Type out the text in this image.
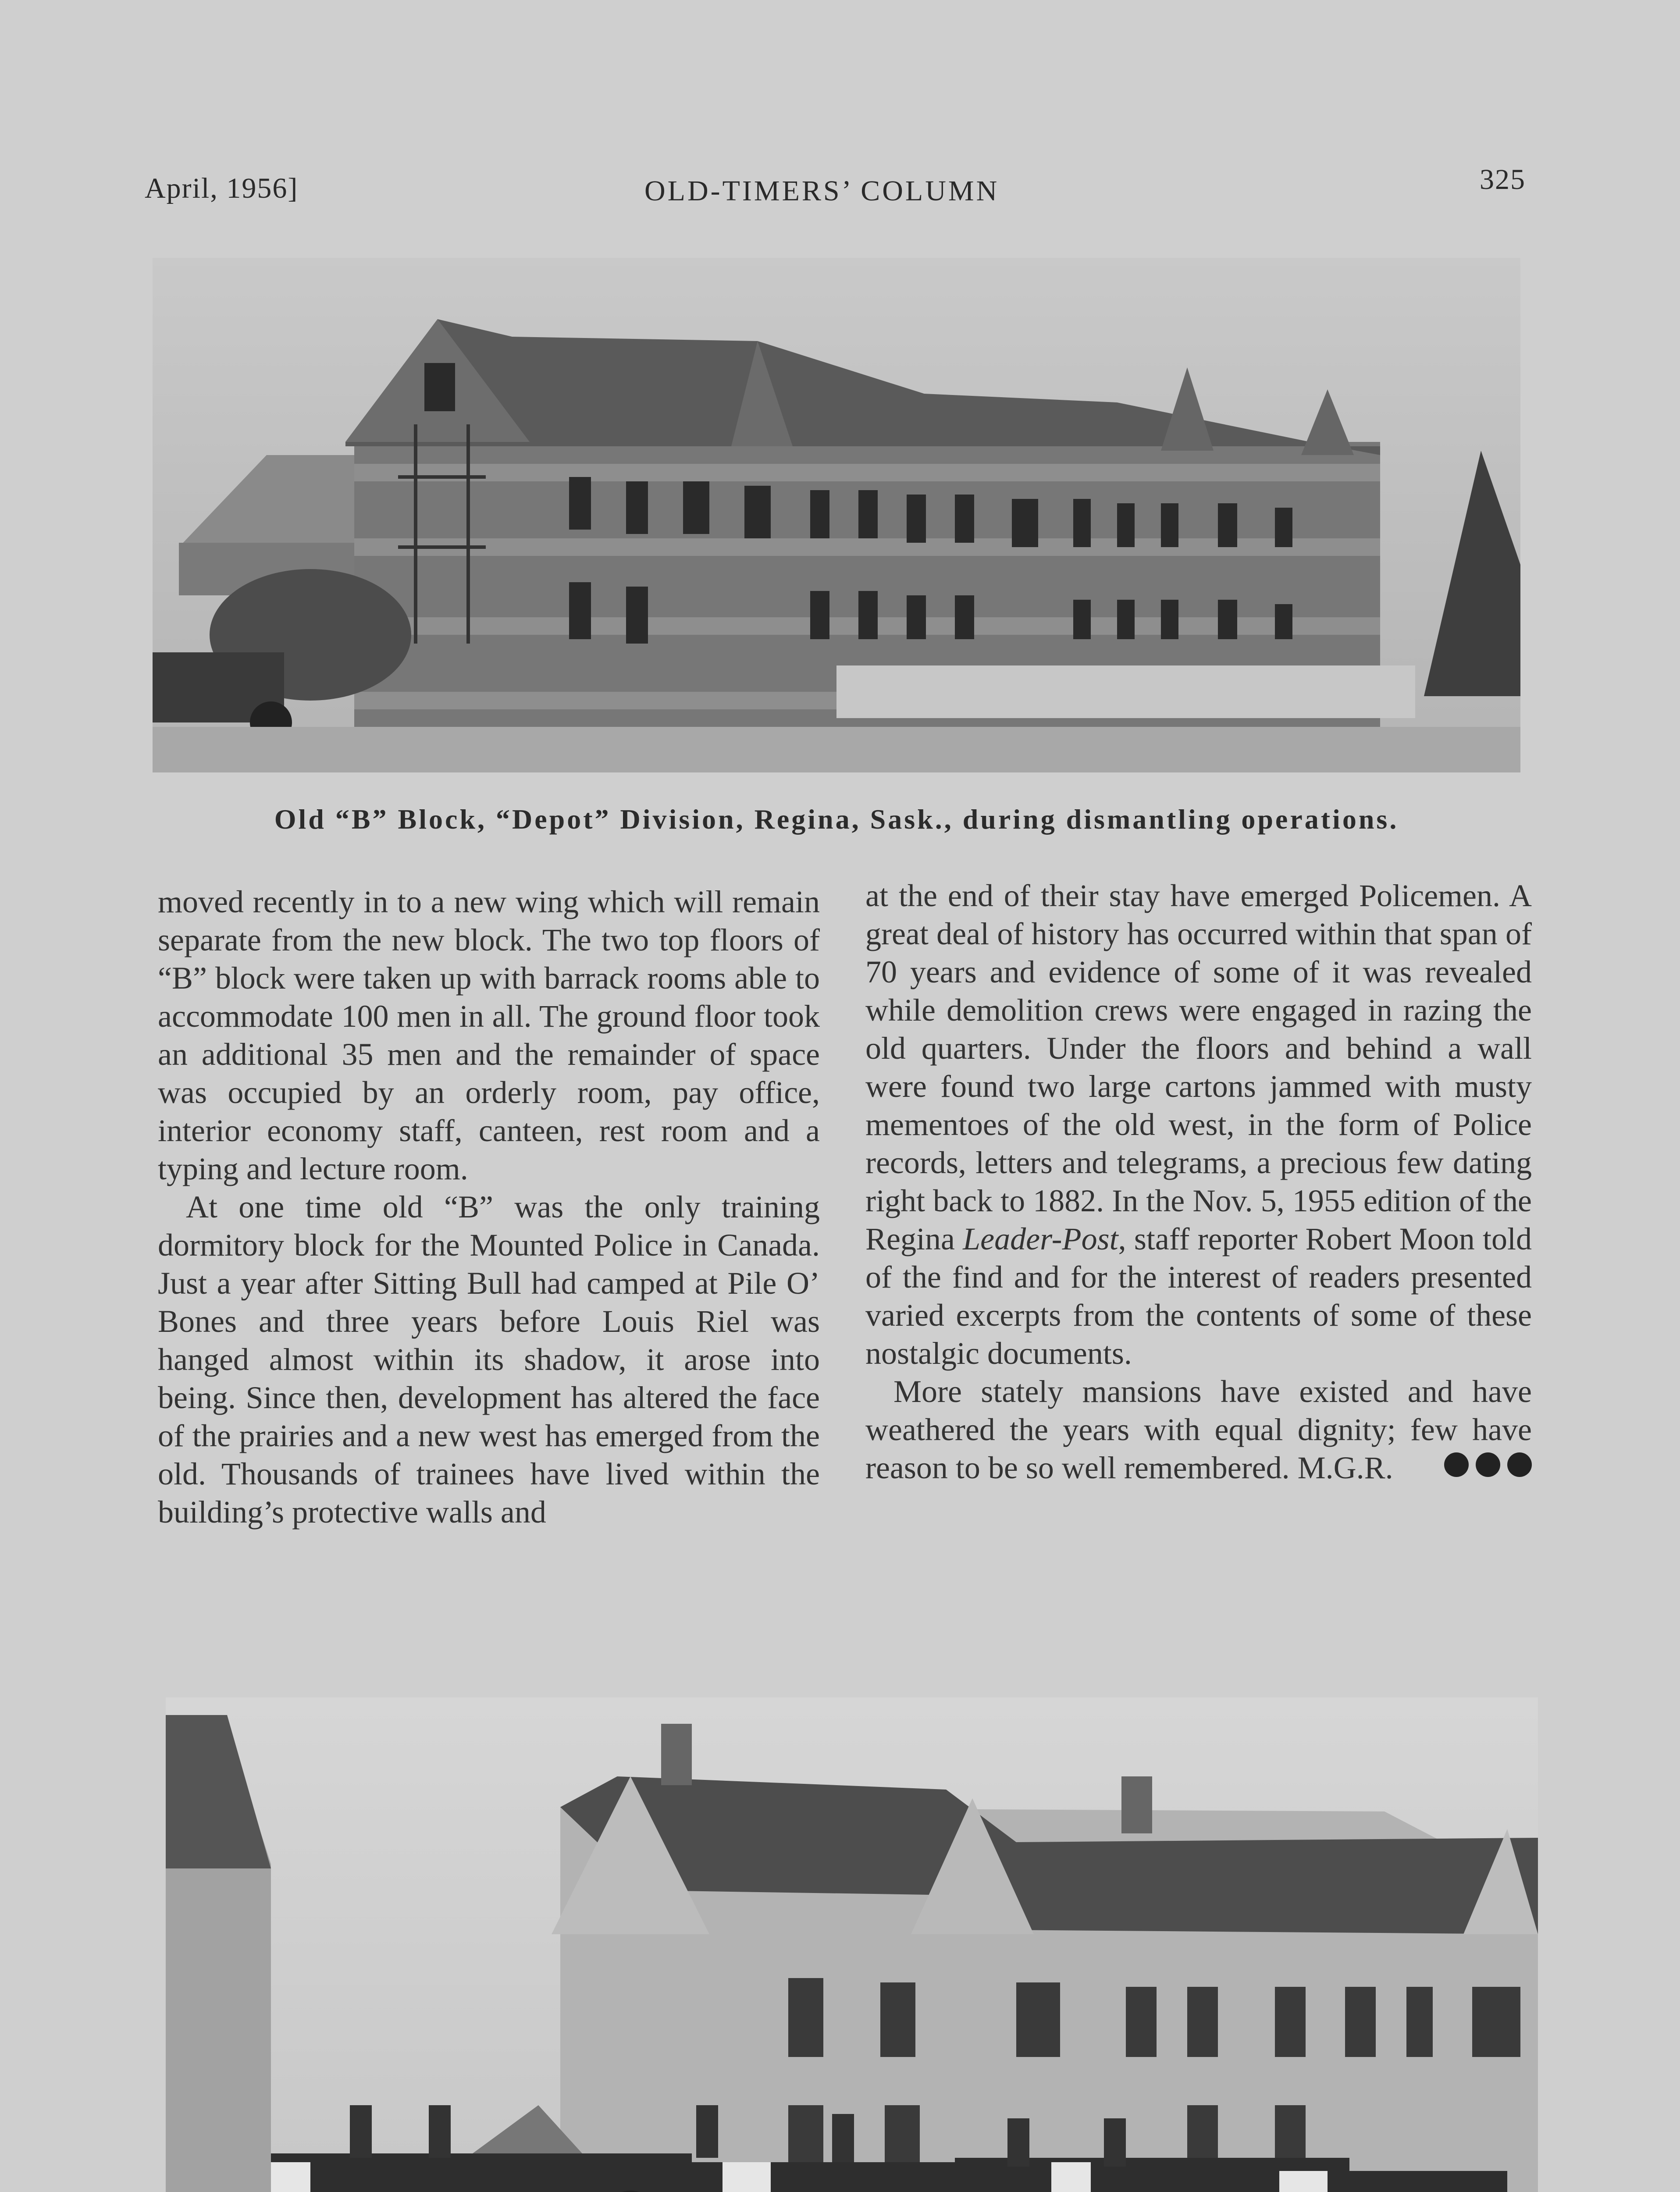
April, 1956]	OLD-TIMERS’ COLUMN	325
Old “B” Block, “Depot” Division, Regina, Sask., during dismantling operations.

moved recently in to a new wing which will remain separate from the new block. The two top floors of “B” block were taken up with barrack rooms able to accommodate 100 men in all. The ground floor took an additional 35 men and the remainder of space was occupied by an orderly room, pay office, interior economy staff, canteen, rest room and a typing and lecture room.

At one time old “B” was the only training dormitory block for the Mounted Police in Canada. Just a year after Sitting Bull had camped at Pile O’ Bones and three years before Louis Riel was hanged almost within its shadow, it arose into being. Since then, development has altered the face of the prairies and a new west has emerged from the old. Thousands of trainees have lived within the building’s protective walls and

at the end of their stay have emerged Policemen. A great deal of history has occurred within that span of 70 years and evidence of some of it was revealed while demolition crews were engaged in razing the old quarters. Under the floors and behind a wall were found two large cartons jammed with musty mementoes of the old west, in the form of Police records, letters and telegrams, a precious few dating right back to 1882. In the Nov. 5, 1955 edition of the Regina Leader-Post, staff reporter Robert Moon told of the find and for the interest of readers presented varied excerpts from the contents of some of these nostalgic documents.

More stately mansions have existed and have weathered the years with equal dignity; few have reason to be so well remembered. M.G.R.
